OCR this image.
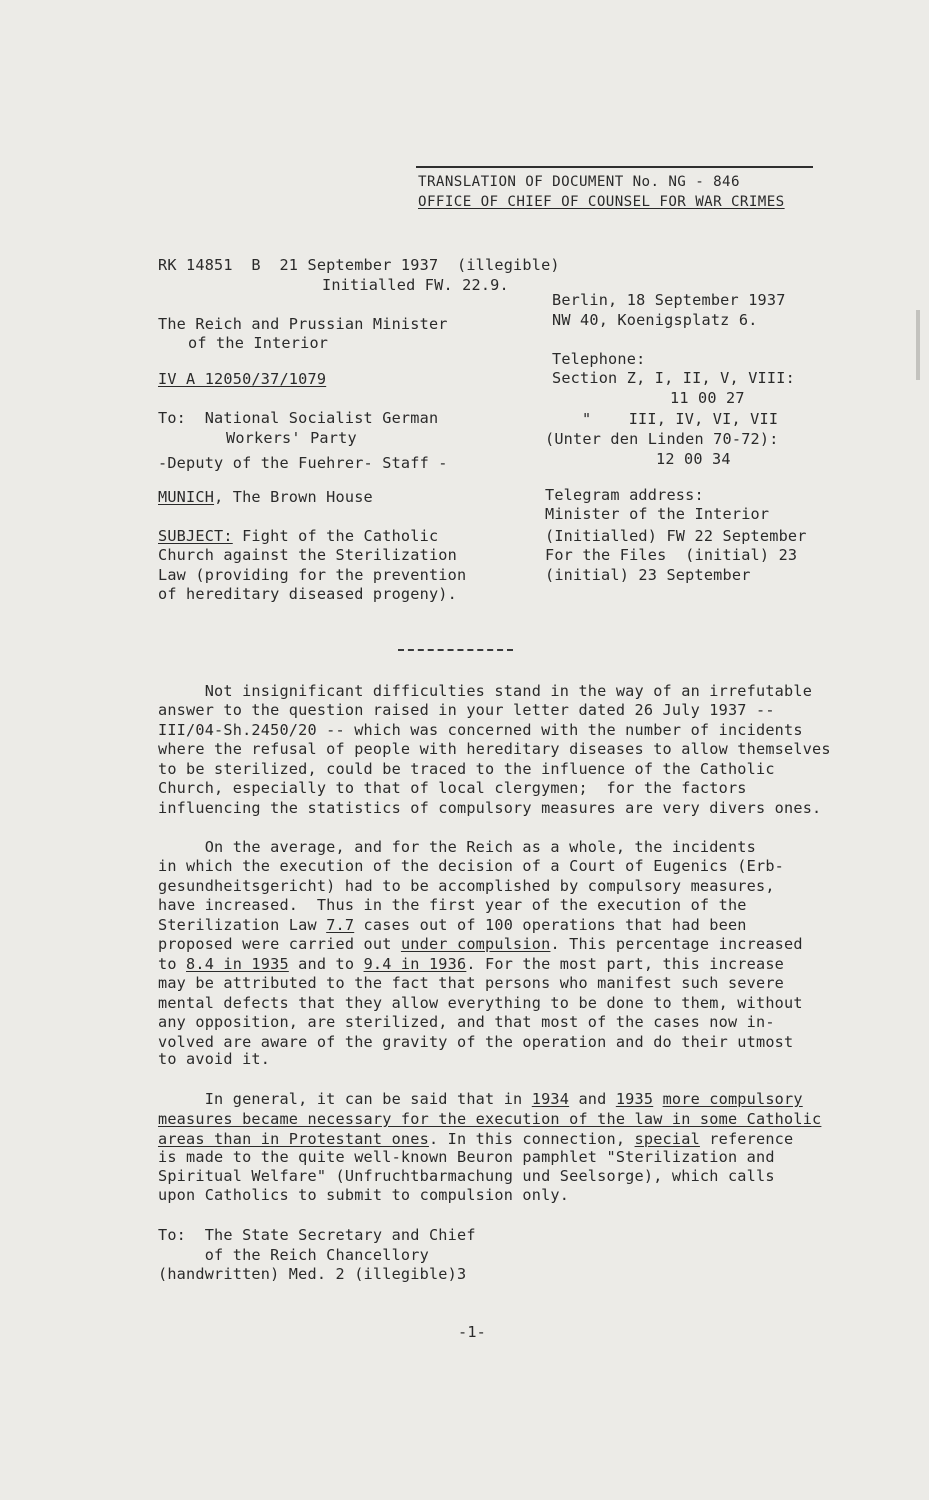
TRANSLATION OF DOCUMENT No. NG - 846
OFFICE OF CHIEF OF COUNSEL FOR WAR CRIMES
RK 14851  B  21 September 1937  (illegible)
Initialled FW. 22.9.
The Reich and Prussian Minister
of the Interior
IV A 12050/37/1079
To:  National Socialist German
Workers' Party
-Deputy of the Fuehrer- Staff -
MUNICH, The Brown House
SUBJECT: Fight of the Catholic
Church against the Sterilization
Law (providing for the prevention
of hereditary diseased progeny).
Berlin, 18 September 1937
NW 40, Koenigsplatz 6.
Telephone:
Section Z, I, II, V, VIII:
11 00 27
"    III, IV, VI, VII
(Unter den Linden 70-72):
12 00 34
Telegram address:
Minister of the Interior
(Initialled) FW 22 September
For the Files  (initial) 23
(initial) 23 September
Not insignificant difficulties stand in the way of an irrefutable
answer to the question raised in your letter dated 26 July 1937 --
III/04-Sh.2450/20 -- which was concerned with the number of incidents
where the refusal of people with hereditary diseases to allow themselves
to be sterilized, could be traced to the influence of the Catholic
Church, especially to that of local clergymen;  for the factors
influencing the statistics of compulsory measures are very divers ones.
On the average, and for the Reich as a whole, the incidents
in which the execution of the decision of a Court of Eugenics (Erb-
gesundheitsgericht) had to be accomplished by compulsory measures,
have increased.  Thus in the first year of the execution of the
Sterilization Law 7.7 cases out of 100 operations that had been
proposed were carried out under compulsion. This percentage increased
to 8.4 in 1935 and to 9.4 in 1936. For the most part, this increase
may be attributed to the fact that persons who manifest such severe
mental defects that they allow everything to be done to them, without
any opposition, are sterilized, and that most of the cases now in-
volved are aware of the gravity of the operation and do their utmost
to avoid it.
In general, it can be said that in 1934 and 1935 more compulsory
measures became necessary for the execution of the law in some Catholic
areas than in Protestant ones. In this connection, special reference
is made to the quite well-known Beuron pamphlet "Sterilization and
Spiritual Welfare" (Unfruchtbarmachung und Seelsorge), which calls
upon Catholics to submit to compulsion only.
To:  The State Secretary and Chief
of the Reich Chancellory
(handwritten) Med. 2 (illegible)3
-1-
